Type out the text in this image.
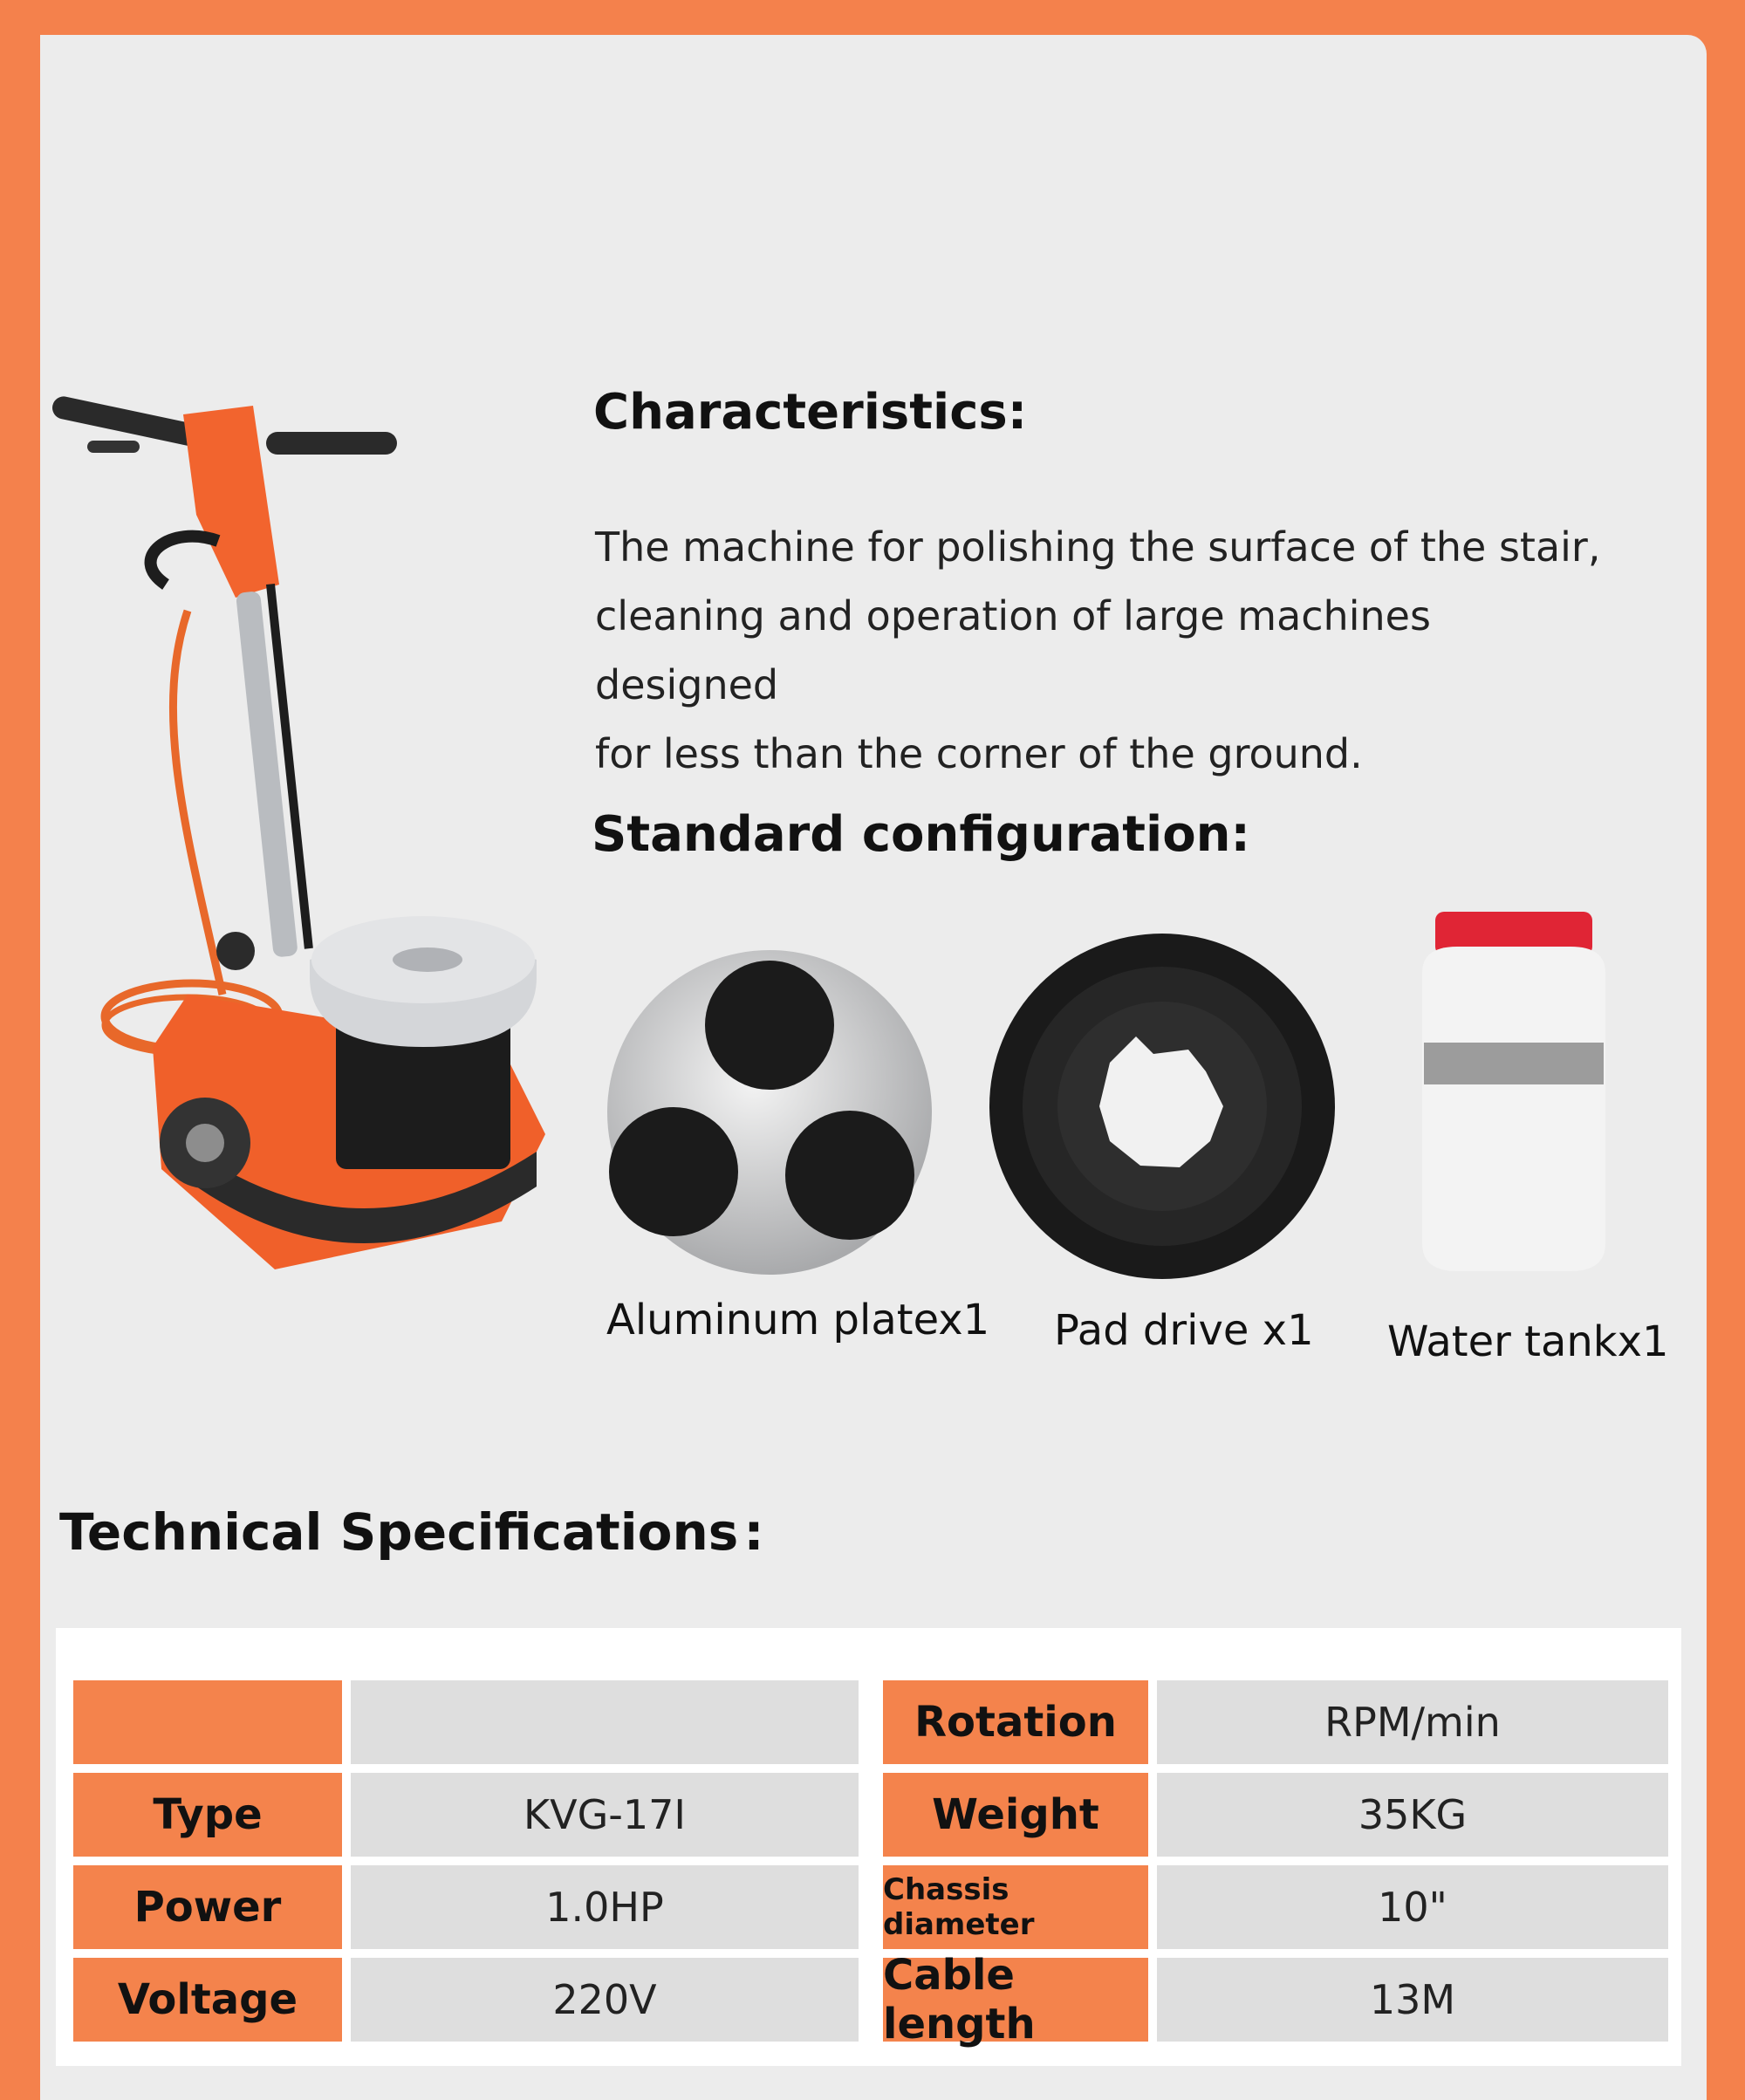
Characteristics:
The machine for polishing the surface of the stair,
cleaning and operation of large machines designed
for less than the corner of the ground.
Standard configuration:
Aluminum platex1 Pad drive x1 Water tankx1
Technical Specifications :
Type
Power
Voltage
KVG-17I
1.0HP
220V
Rotation
Weight
Chassis diameter
Cable length
RPM/min
35KG
10"
13M
